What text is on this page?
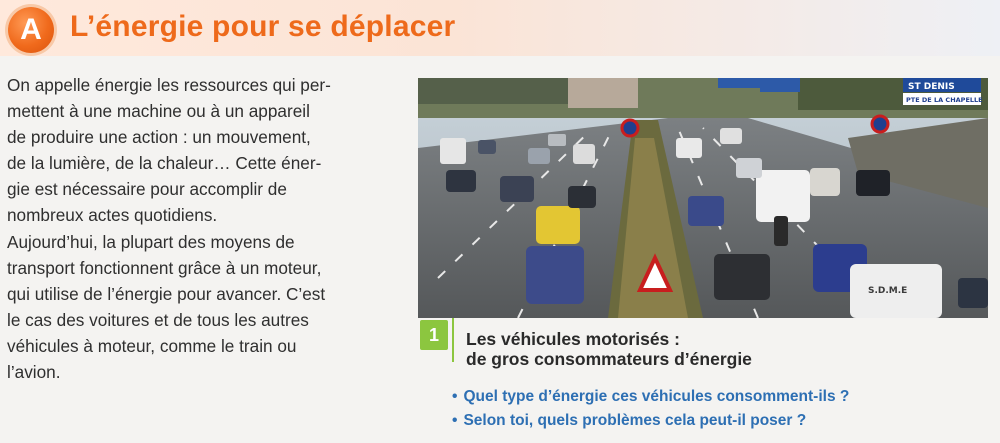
A L’énergie pour se déplacer

On appelle énergie les ressources qui per-

mettent à une machine ou à un appareil

de produire une action : un mouvement,

de la lumière, de la chaleur… Cette éner-

gie est nécessaire pour accomplir de

nombreux actes quotidiens.

Aujourd’hui, la plupart des moyens de

transport fonctionnent grâce à un moteur,

qui utilise de l’énergie pour avancer. C’est

le cas des voitures et de tous les autres

véhicules à moteur, comme le train ou

l’avion.

ST DENIS
PTE DE LA CHAPELLE
S.D.M.E
1	Les véhicules motorisés :
de gros consommateurs d’énergie
• Quel type d’énergie ces véhicules consomment-ils ?
• Selon toi, quels problèmes cela peut-il poser ?
